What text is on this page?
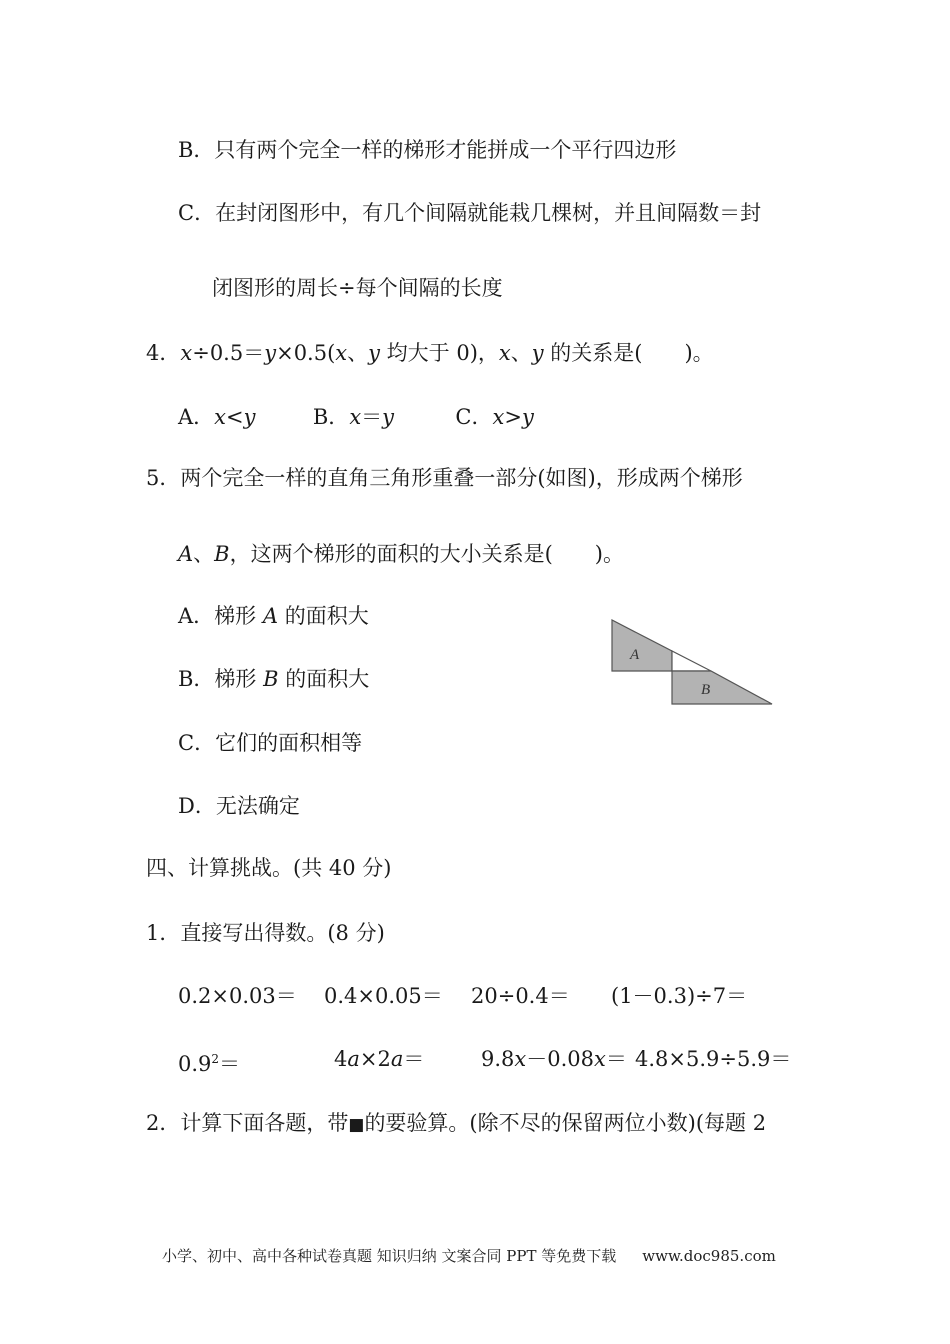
B．只有两个完全一样的梯形才能拼成一个平行四边形
C．在封闭图形中，有几个间隔就能栽几棵树，并且间隔数＝封
闭图形的周长÷每个间隔的长度
4．x÷0.5＝y×0.5(x、y 均大于 0)，x、y 的关系是(　　)。
A．x<y	B．x＝y	C．x>y
5．两个完全一样的直角三角形重叠一部分(如图)，形成两个梯形
A、B，这两个梯形的面积的大小关系是(　　)。
A．梯形 A 的面积大
B．梯形 B 的面积大
C．它们的面积相等
D．无法确定
A
B
四、计算挑战。(共 40 分)
1．直接写出得数。(8 分)
0.2×0.03＝ 0.4×0.05＝ 20÷0.4＝ (1－0.3)÷7＝
$0.9^2=$	4a×2a＝	9.8x－0.08x＝ 4.8×5.9÷5.9＝
2．计算下面各题，带■的要验算。(除不尽的保留两位小数)(每题 2
小学、初中、高中各种试卷真题 知识归纳 文案合同 PPT 等免费下载 www.doc985.com
